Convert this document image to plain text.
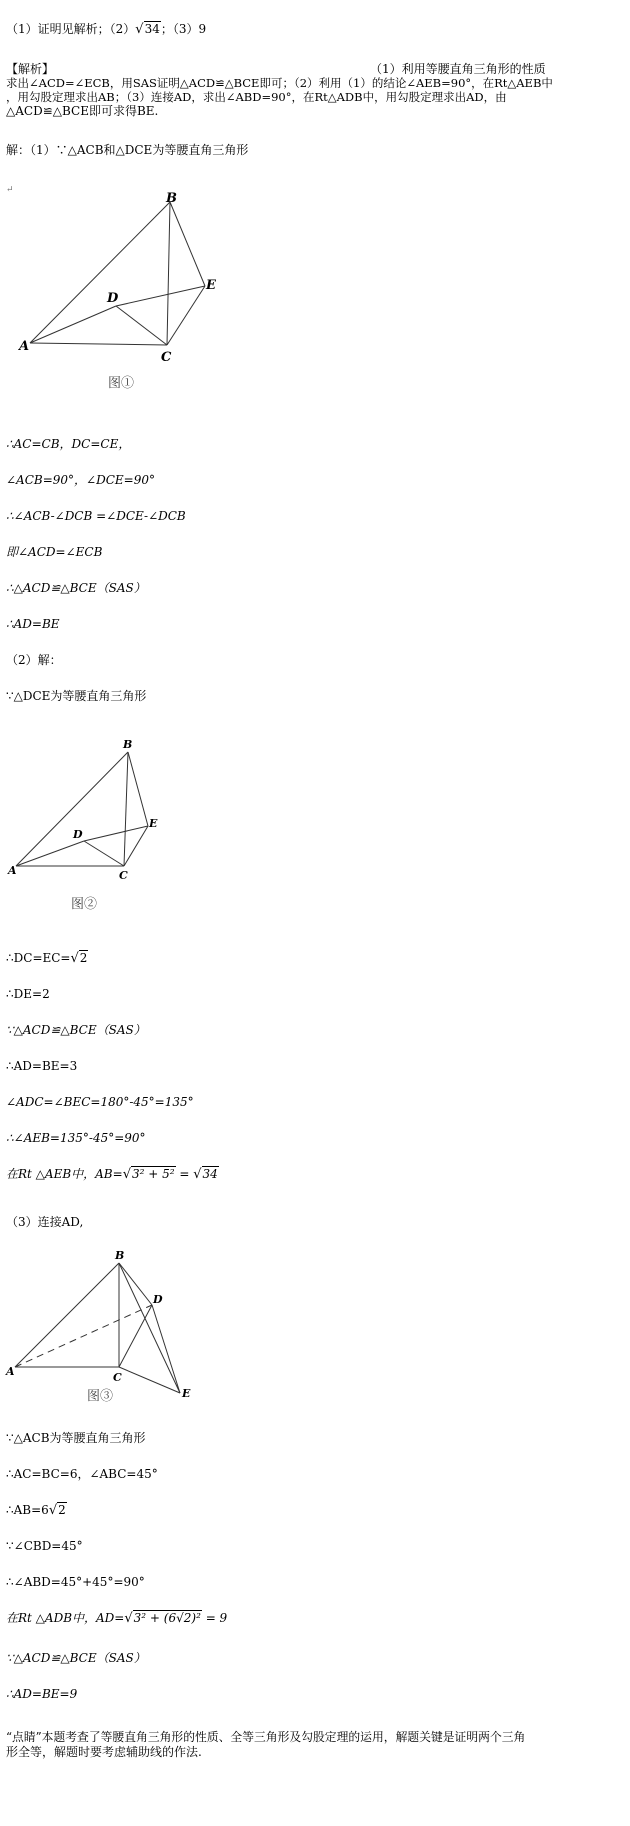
（1）证明见解析；（2）√34；（3）9
【解析】	（1）利用等腰直角三角形的性质
求出∠ACD=∠ECB，用SAS证明△ACD≌△BCE即可；（2）利用（1）的结论∠AEB=90°，在Rt△AEB中
，用勾股定理求出AB；（3）连接AD，求出∠ABD=90°，在Rt△ADB中，用勾股定理求出AD，由
△ACD≌△BCE即可求得BE.
解：（1）∵△ACB和△DCE为等腰直角三角形
↵
A
B
C
D
E
图①
∴AC=CB，DC=CE，
∠ACB=90°，∠DCE=90°
∴∠ACB-∠DCB =∠DCE-∠DCB
即∠ACD=∠ECB
∴△ACD≌△BCE（SAS）
∴AD=BE
（2）解：
∵△DCE为等腰直角三角形
A
B
C
D
E
图②
∴DC=EC=√2
∴DE=2
∵△ACD≌△BCE（SAS）
∴AD=BE=3
∠ADC=∠BEC=180°-45°=135°
∴∠AEB=135°-45°=90°
在Rt △AEB中，AB=√3² + 5² = √34
（3）连接AD,
A
B
C
D
E
图③
∵△ACB为等腰直角三角形
∴AC=BC=6，∠ABC=45°
∴AB=6√2
∵∠CBD=45°
∴∠ABD=45°+45°=90°
在Rt △ADB中，AD=√3² + (6√2)² = 9
∵△ACD≌△BCE（SAS）
∴AD=BE=9
“点睛”本题考查了等腰直角三角形的性质、全等三角形及勾股定理的运用，解题关键是证明两个三角
形全等，解题时要考虑辅助线的作法.
